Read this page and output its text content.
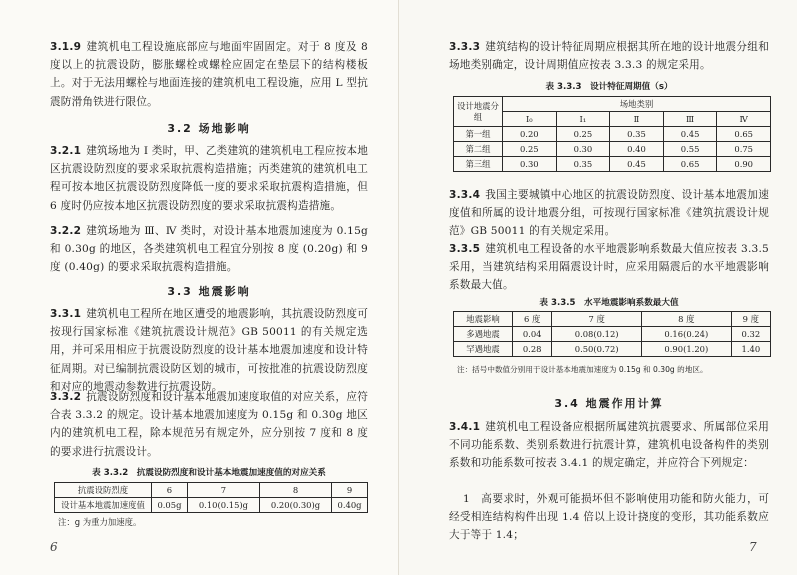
3.1.9 建筑机电工程设施底部应与地面牢固固定。对于 8 度及 8 度以上的抗震设防，膨胀螺栓或螺栓应固定在垫层下的结构楼板上。对于无法用螺栓与地面连接的建筑机电工程设施，应用 L 型抗震防滑角铁进行限位。

3.2 场地影响

3.2.1 建筑场地为 Ⅰ 类时，甲、乙类建筑的建筑机电工程应按本地区抗震设防烈度的要求采取抗震构造措施；丙类建筑的建筑机电工程可按本地区抗震设防烈度降低一度的要求采取抗震构造措施，但 6 度时仍应按本地区抗震设防烈度的要求采取抗震构造措施。

3.2.2 建筑场地为 Ⅲ、Ⅳ 类时，对设计基本地震加速度为 0.15g 和 0.30g 的地区，各类建筑机电工程宜分别按 8 度 (0.20g) 和 9 度 (0.40g) 的要求采取抗震构造措施。

3.3 地震影响

3.3.1 建筑机电工程所在地区遭受的地震影响，其抗震设防烈度可按现行国家标准《建筑抗震设计规范》GB 50011 的有关规定选用，并可采用相应于抗震设防烈度的设计基本地震加速度和设计特征周期。对已编制抗震设防区划的城市，可按批准的抗震设防烈度和对应的地震动参数进行抗震设防。

3.3.2 抗震设防烈度和设计基本地震加速度取值的对应关系，应符合表 3.3.2 的规定。设计基本地震加速度为 0.15g 和 0.30g 地区内的建筑机电工程，除本规范另有规定外，应分别按 7 度和 8 度的要求进行抗震设计。

表 3.3.2　抗震设防烈度和设计基本地震加速度值的对应关系
抗震设防烈度	6	7	8	9
设计基本地震加速度值	0.05g	0.10(0.15)g	0.20(0.30)g	0.40g
注：g 为重力加速度。
6

3.3.3 建筑结构的设计特征周期应根据其所在地的设计地震分组和场地类别确定，设计周期值应按表 3.3.3 的规定采用。

表 3.3.3　设计特征周期值（s）
设计地震分组	场地类别				
	Ⅰ₀	Ⅰ₁	Ⅱ	Ⅲ	Ⅳ
第一组	0.20	0.25	0.35	0.45	0.65
第二组	0.25	0.30	0.40	0.55	0.75
第三组	0.30	0.35	0.45	0.65	0.90

3.3.4 我国主要城镇中心地区的抗震设防烈度、设计基本地震加速度值和所属的设计地震分组，可按现行国家标准《建筑抗震设计规范》GB 50011 的有关规定采用。

3.3.5 建筑机电工程设备的水平地震影响系数最大值应按表 3.3.5 采用，当建筑结构采用隔震设计时，应采用隔震后的水平地震影响系数最大值。

表 3.3.5　水平地震影响系数最大值
地震影响	6 度	7 度	8 度	9 度
多遇地震	0.04	0.08(0.12)	0.16(0.24)	0.32
罕遇地震	0.28	0.50(0.72)	0.90(1.20)	1.40
注：括号中数值分别用于设计基本地震加速度为 0.15g 和 0.30g 的地区。
3.4 地震作用计算

3.4.1 建筑机电工程设备应根据所属建筑抗震要求、所属部位采用不同功能系数、类别系数进行抗震计算，建筑机电设备构件的类别系数和功能系数可按表 3.4.1 的规定确定，并应符合下列规定：

1　高要求时，外观可能损坏但不影响使用功能和防火能力，可经受相连结构构件出现 1.4 倍以上设计挠度的变形，其功能系数应大于等于 1.4；

7
